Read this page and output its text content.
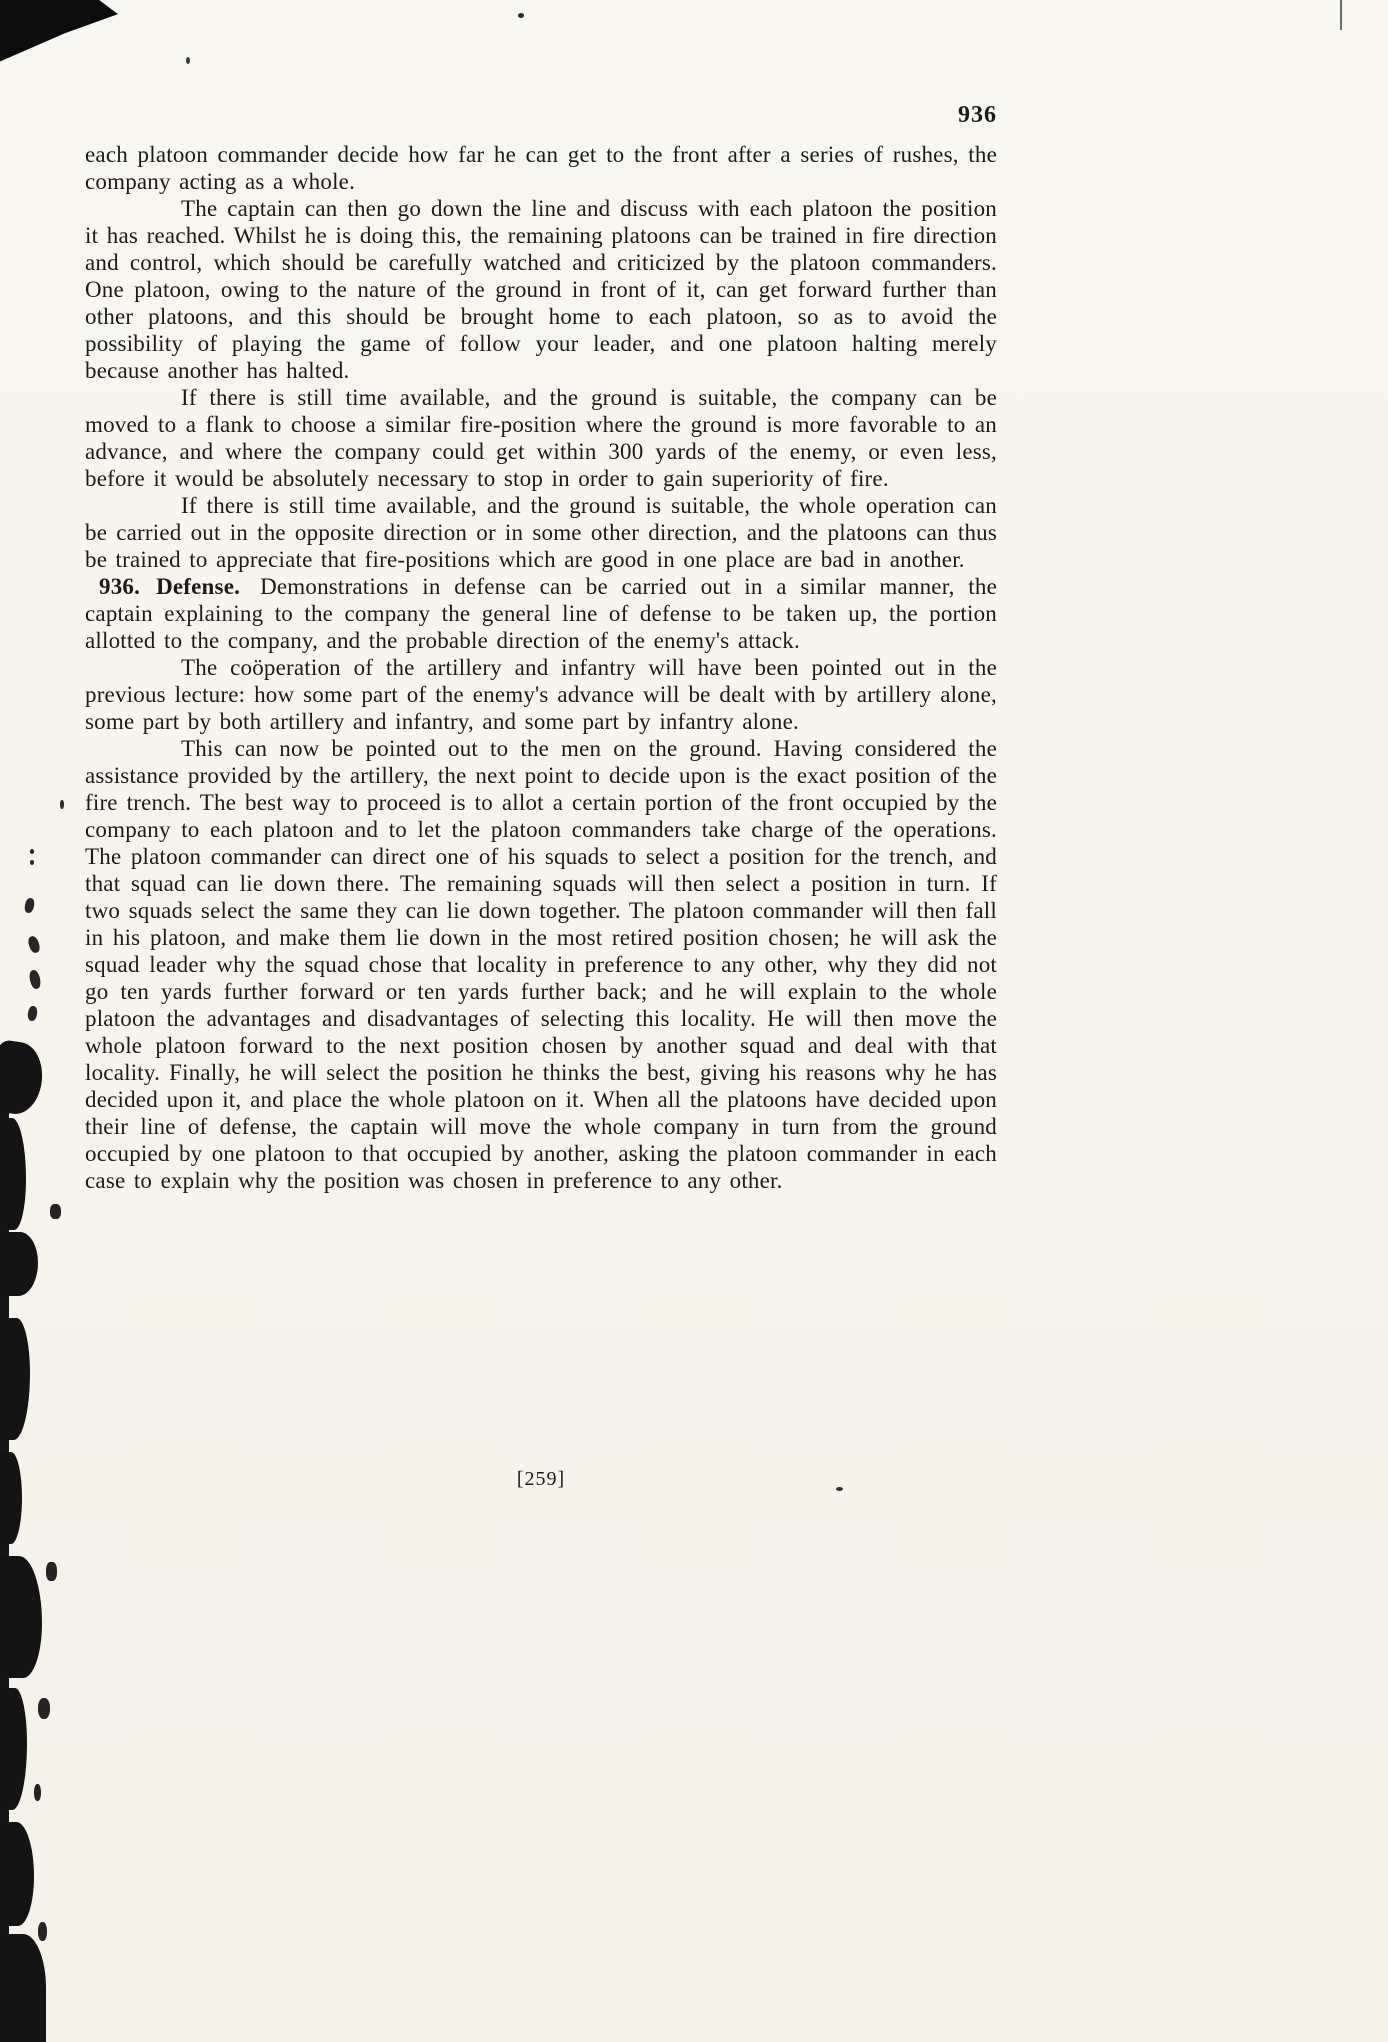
936

each platoon commander decide how far he can get to the front after a series of rushes, the company acting as a whole.

The captain can then go down the line and discuss with each platoon the position it has reached. Whilst he is doing this, the remaining platoons can be trained in fire direction and control, which should be carefully watched and criticized by the platoon commanders. One platoon, owing to the nature of the ground in front of it, can get forward further than other platoons, and this should be brought home to each platoon, so as to avoid the possibility of playing the game of follow your leader, and one platoon halting merely because another has halted.

If there is still time available, and the ground is suitable, the company can be moved to a flank to choose a similar fire-position where the ground is more favorable to an advance, and where the company could get within 300 yards of the enemy, or even less, before it would be absolutely necessary to stop in order to gain superiority of fire.

If there is still time available, and the ground is suitable, the whole operation can be carried out in the opposite direction or in some other direction, and the platoons can thus be trained to appreciate that fire-positions which are good in one place are bad in another.

936. Defense. Demonstrations in defense can be carried out in a similar manner, the captain explaining to the company the general line of defense to be taken up, the portion allotted to the company, and the probable direction of the enemy's attack.

The coöperation of the artillery and infantry will have been pointed out in the previous lecture: how some part of the enemy's advance will be dealt with by artillery alone, some part by both artillery and infantry, and some part by infantry alone.

This can now be pointed out to the men on the ground. Having considered the assistance provided by the artillery, the next point to decide upon is the exact position of the fire trench. The best way to proceed is to allot a certain portion of the front occupied by the company to each platoon and to let the platoon commanders take charge of the operations. The platoon commander can direct one of his squads to select a position for the trench, and that squad can lie down there. The remaining squads will then select a position in turn. If two squads select the same they can lie down together. The platoon commander will then fall in his platoon, and make them lie down in the most retired position chosen; he will ask the squad leader why the squad chose that locality in preference to any other, why they did not go ten yards further forward or ten yards further back; and he will explain to the whole platoon the advantages and disadvantages of selecting this locality. He will then move the whole platoon forward to the next position chosen by another squad and deal with that locality. Finally, he will select the position he thinks the best, giving his reasons why he has decided upon it, and place the whole platoon on it. When all the platoons have decided upon their line of defense, the captain will move the whole company in turn from the ground occupied by one platoon to that occupied by another, asking the platoon commander in each case to explain why the position was chosen in preference to any other.

[259]
